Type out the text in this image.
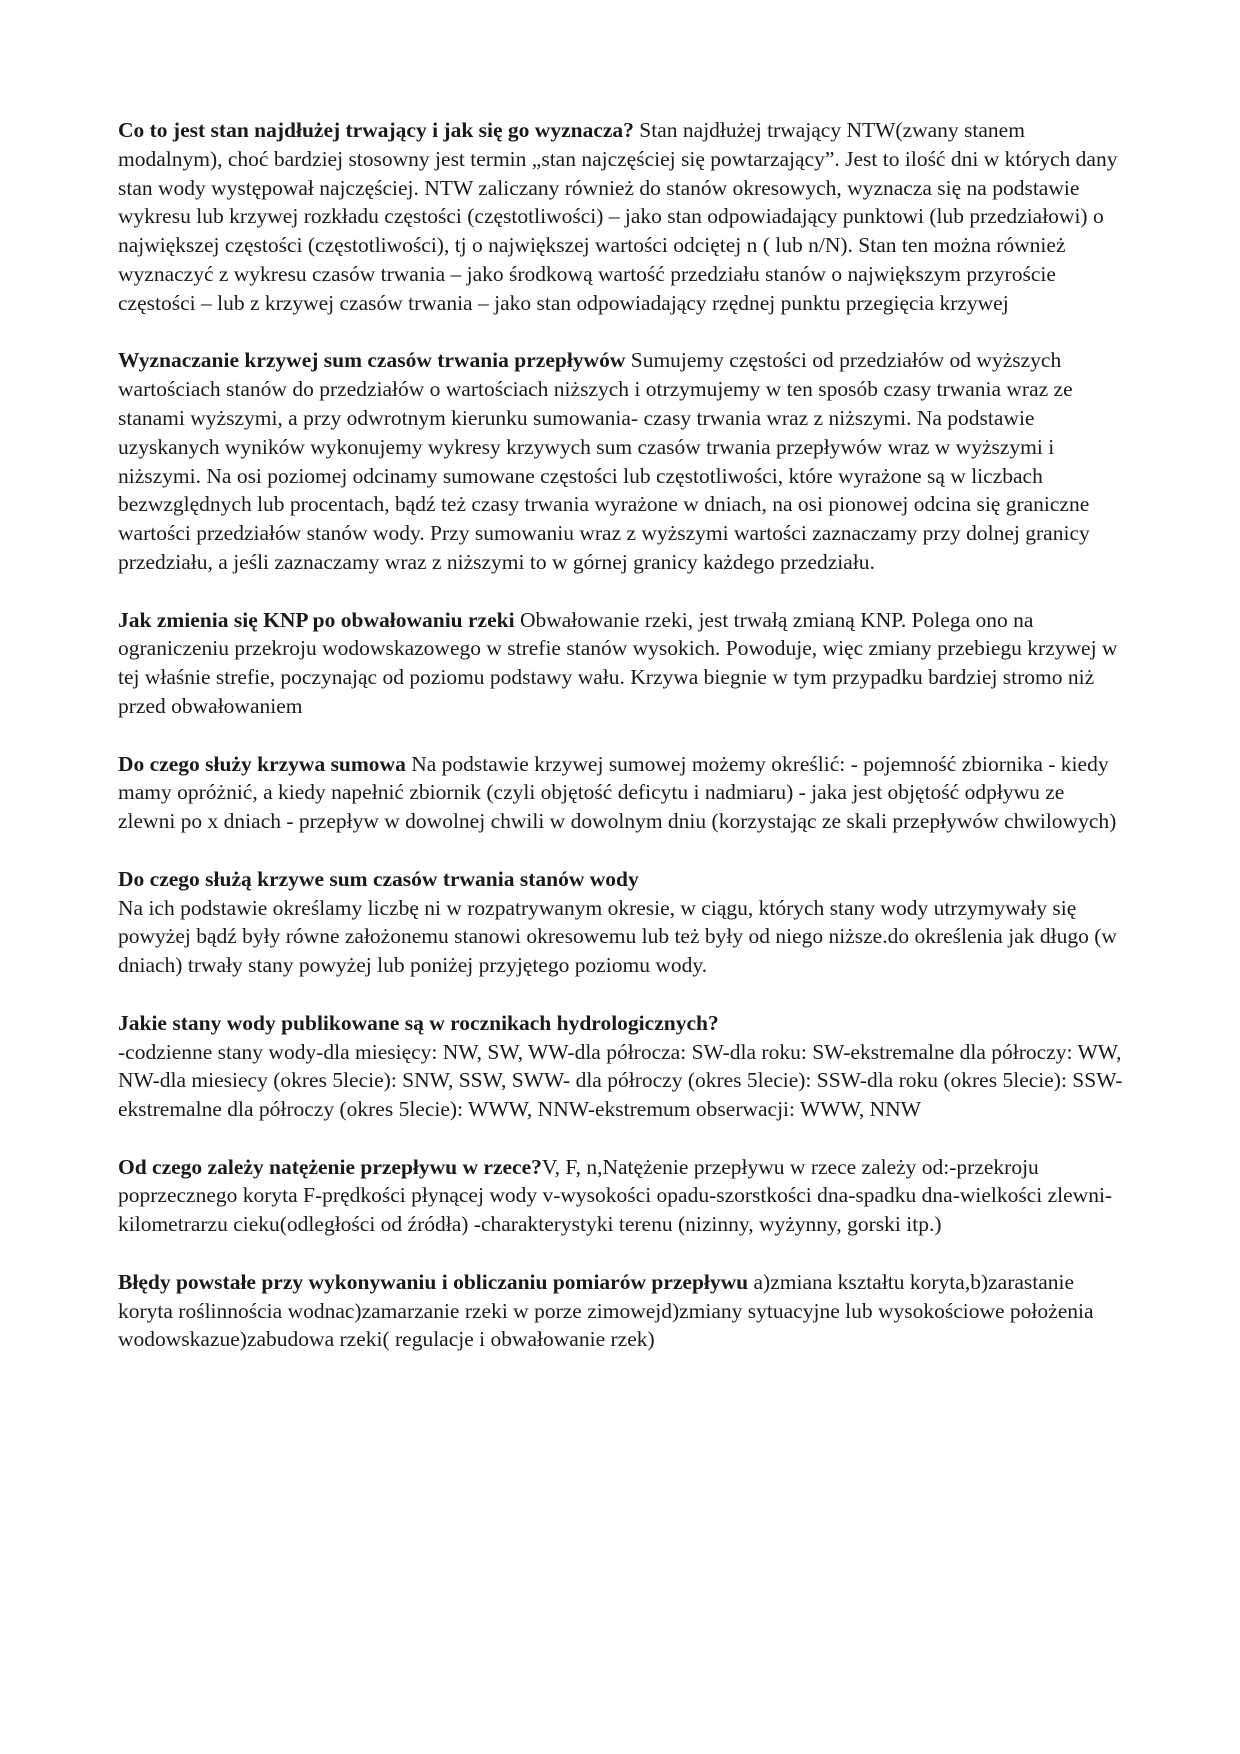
Co to jest stan najdłużej trwający i jak się go wyznacza? Stan najdłużej trwający NTW(zwany stanem modalnym), choć bardziej stosowny jest termin „stan najczęściej się powtarzający”. Jest to ilość dni w których dany stan wody występował najczęściej. NTW zaliczany również do stanów okresowych, wyznacza się na podstawie wykresu lub krzywej rozkładu częstości (częstotliwości) – jako stan odpowiadający punktowi (lub przedziałowi) o największej częstości (częstotliwości), tj o największej wartości odciętej n ( lub n/N). Stan ten można również wyznaczyć z wykresu czasów trwania – jako środkową wartość przedziału stanów o największym przyroście częstości – lub z krzywej czasów trwania – jako stan odpowiadający rzędnej punktu przegięcia krzywej

Wyznaczanie krzywej sum czasów trwania przepływów Sumujemy częstości od przedziałów od wyższych wartościach stanów do przedziałów o wartościach niższych i otrzymujemy w ten sposób czasy trwania wraz ze stanami wyższymi, a przy odwrotnym kierunku sumowania- czasy trwania wraz z niższymi. Na podstawie uzyskanych wyników wykonujemy wykresy krzywych sum czasów trwania przepływów wraz w wyższymi i niższymi. Na osi poziomej odcinamy sumowane częstości lub częstotliwości, które wyrażone są w liczbach bezwzględnych lub procentach, bądź też czasy trwania wyrażone w dniach, na osi pionowej odcina się graniczne wartości przedziałów stanów wody. Przy sumowaniu wraz z wyższymi wartości zaznaczamy przy dolnej granicy przedziału, a jeśli zaznaczamy wraz z niższymi to w górnej granicy każdego przedziału.

Jak zmienia się KNP po obwałowaniu rzeki Obwałowanie rzeki, jest trwałą zmianą KNP. Polega ono na ograniczeniu przekroju wodowskazowego w strefie stanów wysokich. Powoduje, więc zmiany przebiegu krzywej w tej właśnie strefie, poczynając od poziomu podstawy wału. Krzywa biegnie w tym przypadku bardziej stromo niż przed obwałowaniem

Do czego służy krzywa sumowa Na podstawie krzywej sumowej możemy określić: - pojemność zbiornika - kiedy mamy opróżnić, a kiedy napełnić zbiornik (czyli objętość deficytu i nadmiaru) - jaka jest objętość odpływu ze zlewni po x dniach - przepływ w dowolnej chwili w dowolnym dniu (korzystając ze skali przepływów chwilowych)

Do czego służą krzywe sum czasów trwania stanów wody
Na ich podstawie określamy liczbę ni w rozpatrywanym okresie, w ciągu, których stany wody utrzymywały się powyżej bądź były równe założonemu stanowi okresowemu lub też były od niego niższe.do określenia jak długo (w dniach) trwały stany powyżej lub poniżej przyjętego poziomu wody.

Jakie stany wody publikowane są w rocznikach hydrologicznych?
-codzienne stany wody-dla miesięcy: NW, SW, WW-dla półrocza: SW-dla roku: SW-ekstremalne dla półroczy: WW, NW-dla miesiecy (okres 5lecie): SNW, SSW, SWW- dla półroczy (okres 5lecie): SSW-dla roku (okres 5lecie): SSW-ekstremalne dla półroczy (okres 5lecie): WWW, NNW-ekstremum obserwacji: WWW, NNW

Od czego zależy natężenie przepływu w rzece?V, F, n,Natężenie przepływu w rzece zależy od:-przekroju poprzecznego koryta F-prędkości płynącej wody v-wysokości opadu-szorstkości dna-spadku dna-wielkości zlewni-kilometrarzu cieku(odległości od źródła) -charakterystyki terenu (nizinny, wyżynny, gorski itp.)

Błędy powstałe przy wykonywaniu i obliczaniu pomiarów przepływu a)zmiana kształtu koryta,b)zarastanie koryta roślinnościa wodnac)zamarzanie rzeki w porze zimowejd)zmiany sytuacyjne lub wysokościowe położenia wodowskazue)zabudowa rzeki( regulacje i obwałowanie rzek)
